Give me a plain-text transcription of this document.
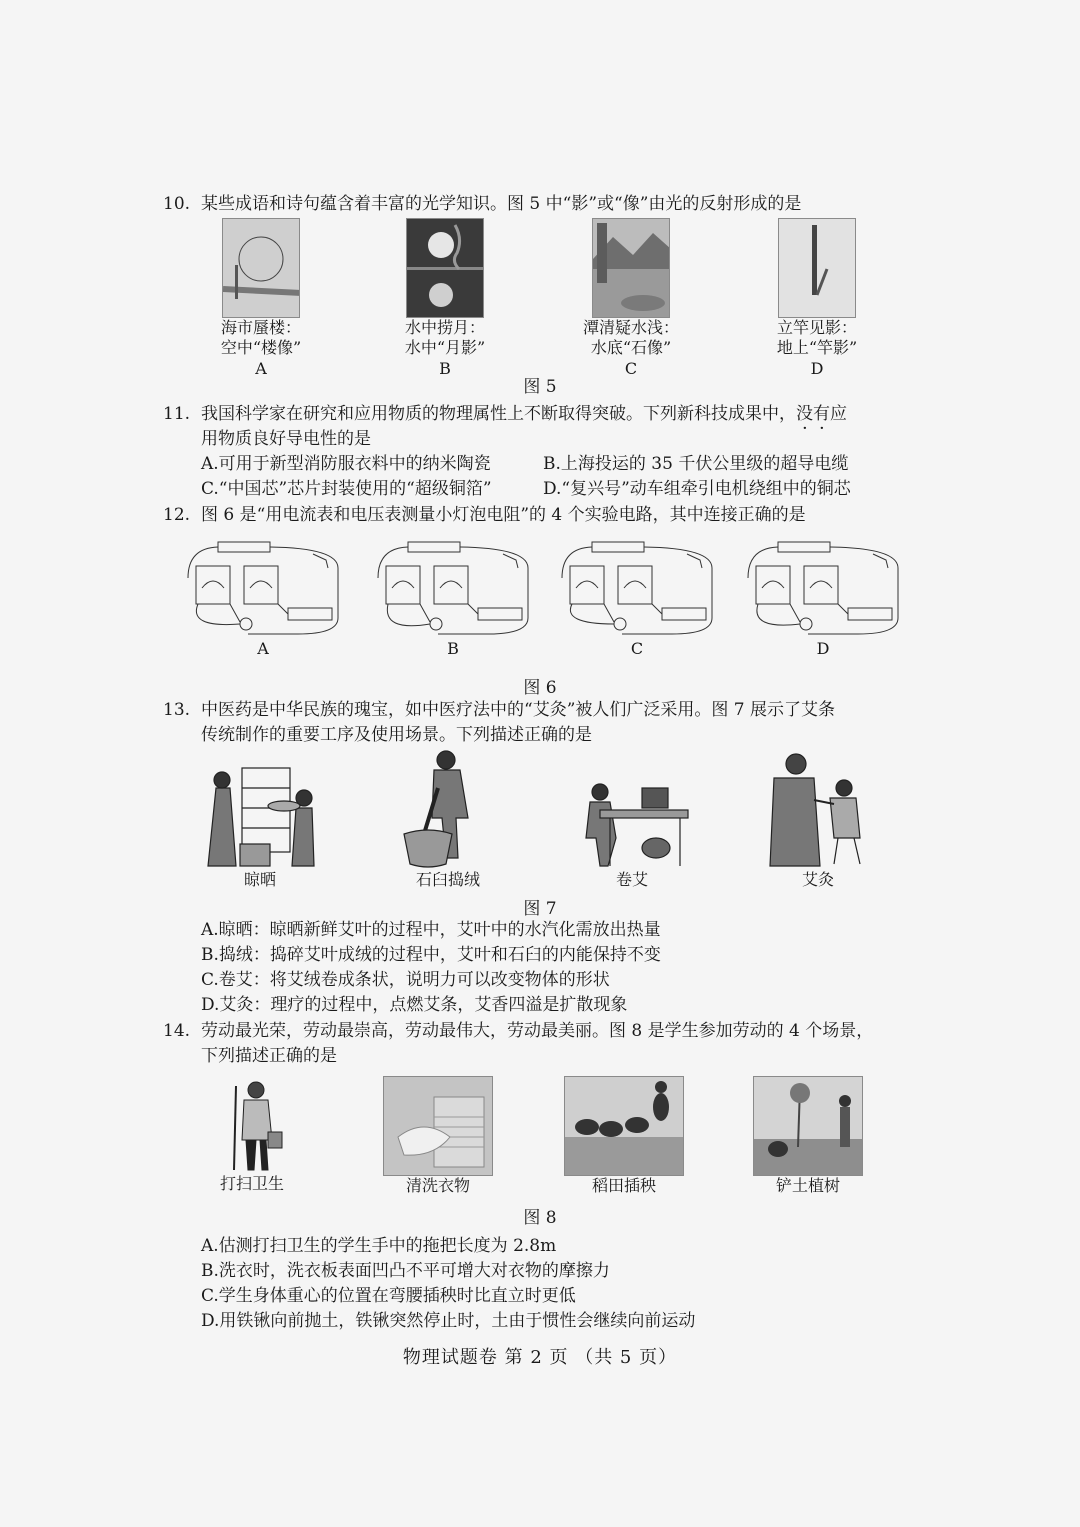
10. 某些成语和诗句蕴含着丰富的光学知识。图 5 中“影”或“像”由光的反射形成的是
海市蜃楼：
空中“楼像”
A
水中捞月：
水中“月影”
B
潭清疑水浅：
水底“石像”
C
立竿见影：
地上“竿影”
D
图 5
11. 我国科学家在研究和应用物质的物理属性上不断取得突破。下列新科技成果中，没有应
用物质良好导电性的是
A.可用于新型消防服衣料中的纳米陶瓷	B.上海投运的 35 千伏公里级的超导电缆
C.“中国芯”芯片封装使用的“超级铜箔”	D.“复兴号”动车组牵引电机绕组中的铜芯
12. 图 6 是“用电流表和电压表测量小灯泡电阻”的 4 个实验电路，其中连接正确的是
A	B	C	D
图 6
13. 中医药是中华民族的瑰宝，如中医疗法中的“艾灸”被人们广泛采用。图 7 展示了艾条
传统制作的重要工序及使用场景。下列描述正确的是
晾晒	石臼捣绒	卷艾	艾灸
图 7
A.晾晒：晾晒新鲜艾叶的过程中，艾叶中的水汽化需放出热量
B.捣绒：捣碎艾叶成绒的过程中，艾叶和石臼的内能保持不变
C.卷艾：将艾绒卷成条状，说明力可以改变物体的形状
D.艾灸：理疗的过程中，点燃艾条，艾香四溢是扩散现象
14. 劳动最光荣，劳动最崇高，劳动最伟大，劳动最美丽。图 8 是学生参加劳动的 4 个场景，
下列描述正确的是
打扫卫生	清洗衣物	稻田插秧	铲土植树
图 8
A.估测打扫卫生的学生手中的拖把长度为 2.8m
B.洗衣时，洗衣板表面凹凸不平可增大对衣物的摩擦力
C.学生身体重心的位置在弯腰插秧时比直立时更低
D.用铁锹向前抛土，铁锹突然停止时，土由于惯性会继续向前运动
物理试题卷 第 2 页 （共 5 页）
